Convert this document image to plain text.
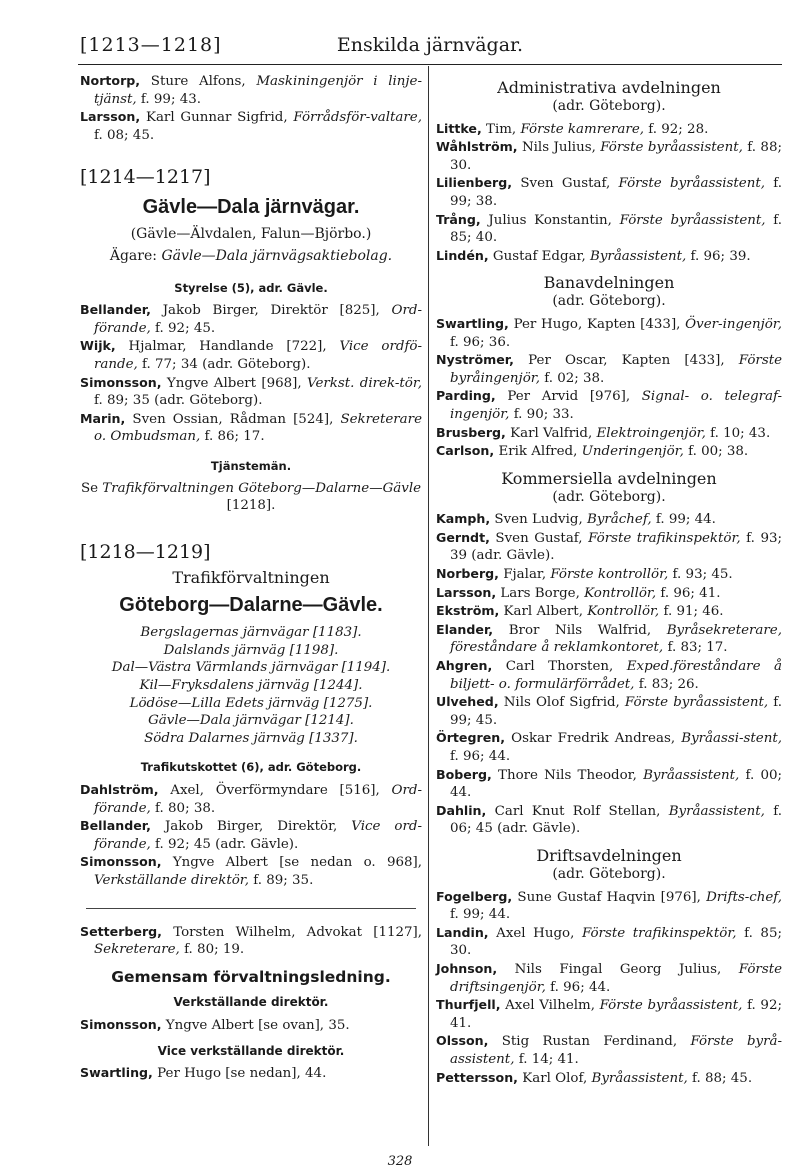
[1213—1218]	Enskilda järnvägar.

Nortorp, Sture Alfons, Maskiningenjör i linje-tjänst, f. 99; 43.

Larsson, Karl Gunnar Sigfrid, Förrådsför-valtare, f. 08; 45.

[1214—1217]
Gävle—Dala järnvägar.
(Gävle—Älvdalen, Falun—Björbo.)
Ägare: Gävle—Dala järnvägsaktiebolag.
Styrelse (5), adr. Gävle.

Bellander, Jakob Birger, Direktör [825], Ord-förande, f. 92; 45.

Wijk, Hjalmar, Handlande [722], Vice ordfö-rande, f. 77; 34 (adr. Göteborg).

Simonsson, Yngve Albert [968], Verkst. direk-tör, f. 89; 35 (adr. Göteborg).

Marin, Sven Ossian, Rådman [524], Sekreterare o. Ombudsman, f. 86; 17.

Tjänstemän.

Se Trafikförvaltningen Göteborg—Dalarne—Gävle [1218].

[1218—1219]
Trafikförvaltningen
Göteborg—Dalarne—Gävle.
Bergslagernas järnvägar [1183].
Dalslands järnväg [1198].
Dal—Västra Värmlands järnvägar [1194].
Kil—Fryksdalens järnväg [1244].
Lödöse—Lilla Edets järnväg [1275].
Gävle—Dala järnvägar [1214].
Södra Dalarnes järnväg [1337].
Trafikutskottet (6), adr. Göteborg.

Dahlström, Axel, Överförmyndare [516], Ord-förande, f. 80; 38.

Bellander, Jakob Birger, Direktör, Vice ord-förande, f. 92; 45 (adr. Gävle).

Simonsson, Yngve Albert [se nedan o. 968], Verkställande direktör, f. 89; 35.

Setterberg, Torsten Wilhelm, Advokat [1127], Sekreterare, f. 80; 19.

Gemensam förvaltningsledning.
Verkställande direktör.

Simonsson, Yngve Albert [se ovan], 35.

Vice verkställande direktör.

Swartling, Per Hugo [se nedan], 44.

Administrativa avdelningen
(adr. Göteborg).

Littke, Tim, Förste kamrerare, f. 92; 28.

Wåhlström, Nils Julius, Förste byråassistent, f. 88; 30.

Lilienberg, Sven Gustaf, Förste byråassistent, f. 99; 38.

Trång, Julius Konstantin, Förste byråassistent, f. 85; 40.

Lindén, Gustaf Edgar, Byråassistent, f. 96; 39.

Banavdelningen
(adr. Göteborg).

Swartling, Per Hugo, Kapten [433], Över-ingenjör, f. 96; 36.

Nyströmer, Per Oscar, Kapten [433], Förste byråingenjör, f. 02; 38.

Parding, Per Arvid [976], Signal- o. telegraf-ingenjör, f. 90; 33.

Brusberg, Karl Valfrid, Elektroingenjör, f. 10; 43.

Carlson, Erik Alfred, Underingenjör, f. 00; 38.

Kommersiella avdelningen
(adr. Göteborg).

Kamph, Sven Ludvig, Byråchef, f. 99; 44.

Gerndt, Sven Gustaf, Förste trafikinspektör, f. 93; 39 (adr. Gävle).

Norberg, Fjalar, Förste kontrollör, f. 93; 45.

Larsson, Lars Borge, Kontrollör, f. 96; 41.

Ekström, Karl Albert, Kontrollör, f. 91; 46.

Elander, Bror Nils Walfrid, Byråsekreterare, föreståndare å reklamkontoret, f. 83; 17.

Ahgren, Carl Thorsten, Exped.föreståndare å biljett- o. formulärförrådet, f. 83; 26.

Ulvehed, Nils Olof Sigfrid, Förste byråassistent, f. 99; 45.

Örtegren, Oskar Fredrik Andreas, Byråassi-stent, f. 96; 44.

Boberg, Thore Nils Theodor, Byråassistent, f. 00; 44.

Dahlin, Carl Knut Rolf Stellan, Byråassistent, f. 06; 45 (adr. Gävle).

Driftsavdelningen
(adr. Göteborg).

Fogelberg, Sune Gustaf Haqvin [976], Drifts-chef, f. 99; 44.

Landin, Axel Hugo, Förste trafikinspektör, f. 85; 30.

Johnson, Nils Fingal Georg Julius, Förste driftsingenjör, f. 96; 44.

Thurfjell, Axel Vilhelm, Förste byråassistent, f. 92; 41.

Olsson, Stig Rustan Ferdinand, Förste byrå-assistent, f. 14; 41.

Pettersson, Karl Olof, Byråassistent, f. 88; 45.

328
